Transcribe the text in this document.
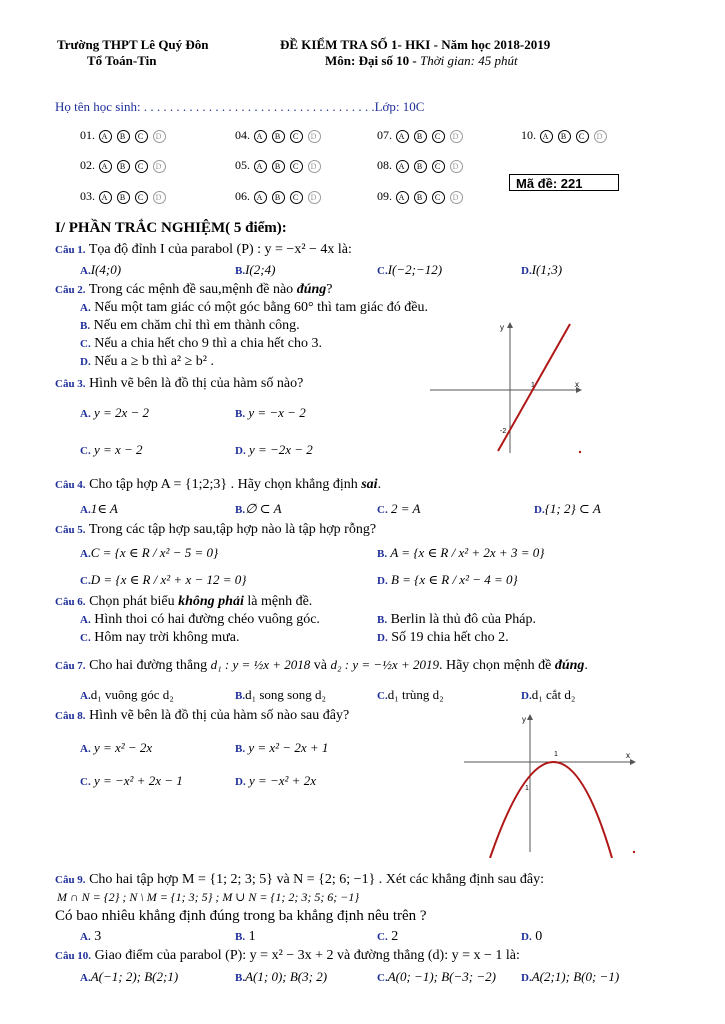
Trường THPT Lê Quý Đôn
Tổ Toán-Tin
ĐỀ KIỂM TRA SỐ 1- HKI - Năm học 2018-2019
Môn: Đại số 10 - Thời gian: 45 phút
Họ tên học sinh: . . . . . . . . . . . . . . . . . . . . . . . . . . . . . . . . . . . .Lớp: 10C
01. A B C D	04. A B C D	07. A B C D	10. A B C D
02. A B C D	05. A B C D	08. A B C D
03. A B C D	06. A B C D	09. A B C D
Mã đề: 221
I/ PHẦN TRẮC NGHIỆM( 5 điểm):
Câu 1. Tọa độ đỉnh I của parabol (P) : y = −x² − 4x là:
A.I(4;0)	B.I(2;4)	C.I(−2;−12)	D.I(1;3)
Câu 2. Trong các mệnh đề sau,mệnh đề nào đúng?
A. Nếu một tam giác có một góc bằng 60° thì tam giác đó đều.
B. Nếu em chăm chỉ thì em thành công.
C. Nếu a chia hết cho 9 thì a chia hết cho 3.
D. Nếu a ≥ b thì a² ≥ b² .
y
x
1
-2
Câu 3. Hình vẽ bên là đồ thị của hàm số nào?
A. y = 2x − 2	B. y = −x − 2
C. y = x − 2	D. y = −2x − 2
Câu 4. Cho tập hợp A = {1;2;3} . Hãy chọn khẳng định sai.
A.1∈ A	B.∅ ⊂ A	C. 2 = A	D.{1; 2} ⊂ A
Câu 5. Trong các tập hợp sau,tập hợp nào là tập hợp rỗng?
A.C = {x ∈ R / x² − 5 = 0}	B. A = {x ∈ R / x² + 2x + 3 = 0}
C.D = {x ∈ R / x² + x − 12 = 0}	D. B = {x ∈ R / x² − 4 = 0}
Câu 6. Chọn phát biểu không phải là mệnh đề.
A. Hình thoi có hai đường chéo vuông góc.	B. Berlin là thủ đô của Pháp.
C. Hôm nay trời không mưa.	D. Số 19 chia hết cho 2.
Câu 7. Cho hai đường thẳng d₁ : y = ½x + 2018 và d₂ : y = −½x + 2019. Hãy chọn mệnh đề đúng.
A.d₁ vuông góc d₂	B.d₁ song song d₂	C.d₁ trùng d₂	D.d₁ cắt d₂
Câu 8. Hình vẽ bên là đồ thị của hàm số nào sau đây?
A. y = x² − 2x	B. y = x² − 2x + 1
C. y = −x² + 2x − 1	D. y = −x² + 2x
y
x
1
1
Câu 9. Cho hai tập hợp M = {1; 2; 3; 5} và N = {2; 6; −1} . Xét các khẳng định sau đây:
M ∩ N = {2} ; N \ M = {1; 3; 5} ; M ∪ N = {1; 2; 3; 5; 6; −1}
Có bao nhiêu khẳng định đúng trong ba khẳng định nêu trên ?
A. 3	B. 1	C. 2	D. 0
Câu 10. Giao điểm của parabol (P): y = x² − 3x + 2 và đường thẳng (d): y = x − 1 là:
A.A(−1; 2); B(2;1)	B.A(1; 0); B(3; 2)	C.A(0; −1); B(−3; −2) D.A(2;1); B(0; −1)
